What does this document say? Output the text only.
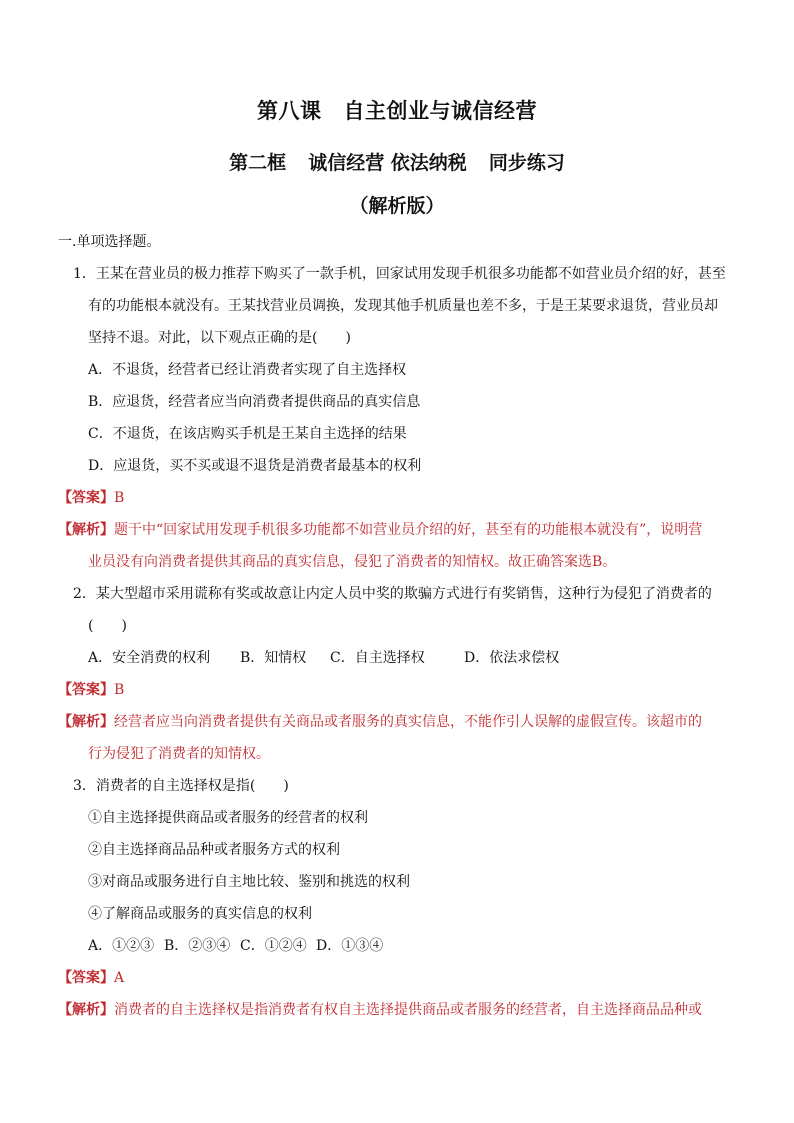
第八课 自主创业与诚信经营
第二框 诚信经营 依法纳税 同步练习
（解析版）

一.单项选择题。

1．王某在营业员的极力推荐下购买了一款手机，回家试用发现手机很多功能都不如营业员介绍的好，甚至

有的功能根本就没有。王某找营业员调换，发现其他手机质量也差不多，于是王某要求退货，营业员却

坚持不退。对此，以下观点正确的是(　　)

A．不退货，经营者已经让消费者实现了自主选择权

B．应退货，经营者应当向消费者提供商品的真实信息

C．不退货，在该店购买手机是王某自主选择的结果

D．应退货，买不买或退不退货是消费者最基本的权利

【答案】B

【解析】题干中“回家试用发现手机很多功能都不如营业员介绍的好，甚至有的功能根本就没有”，说明营

业员没有向消费者提供其商品的真实信息，侵犯了消费者的知情权。故正确答案选B。

2．某大型超市采用谎称有奖或故意让内定人员中奖的欺骗方式进行有奖销售，这种行为侵犯了消费者的

(　　)

A．安全消费的权利 B．知情权 C．自主选择权	D．依法求偿权

【答案】B

【解析】经营者应当向消费者提供有关商品或者服务的真实信息，不能作引人误解的虚假宣传。该超市的

行为侵犯了消费者的知情权。

3．消费者的自主选择权是指(　　)

①自主选择提供商品或者服务的经营者的权利

②自主选择商品品种或者服务方式的权利

③对商品或服务进行自主地比较、鉴别和挑选的权利

④了解商品或服务的真实信息的权利

A．①②③ B．②③④ C．①②④ D．①③④

【答案】A

【解析】消费者的自主选择权是指消费者有权自主选择提供商品或者服务的经营者，自主选择商品品种或
